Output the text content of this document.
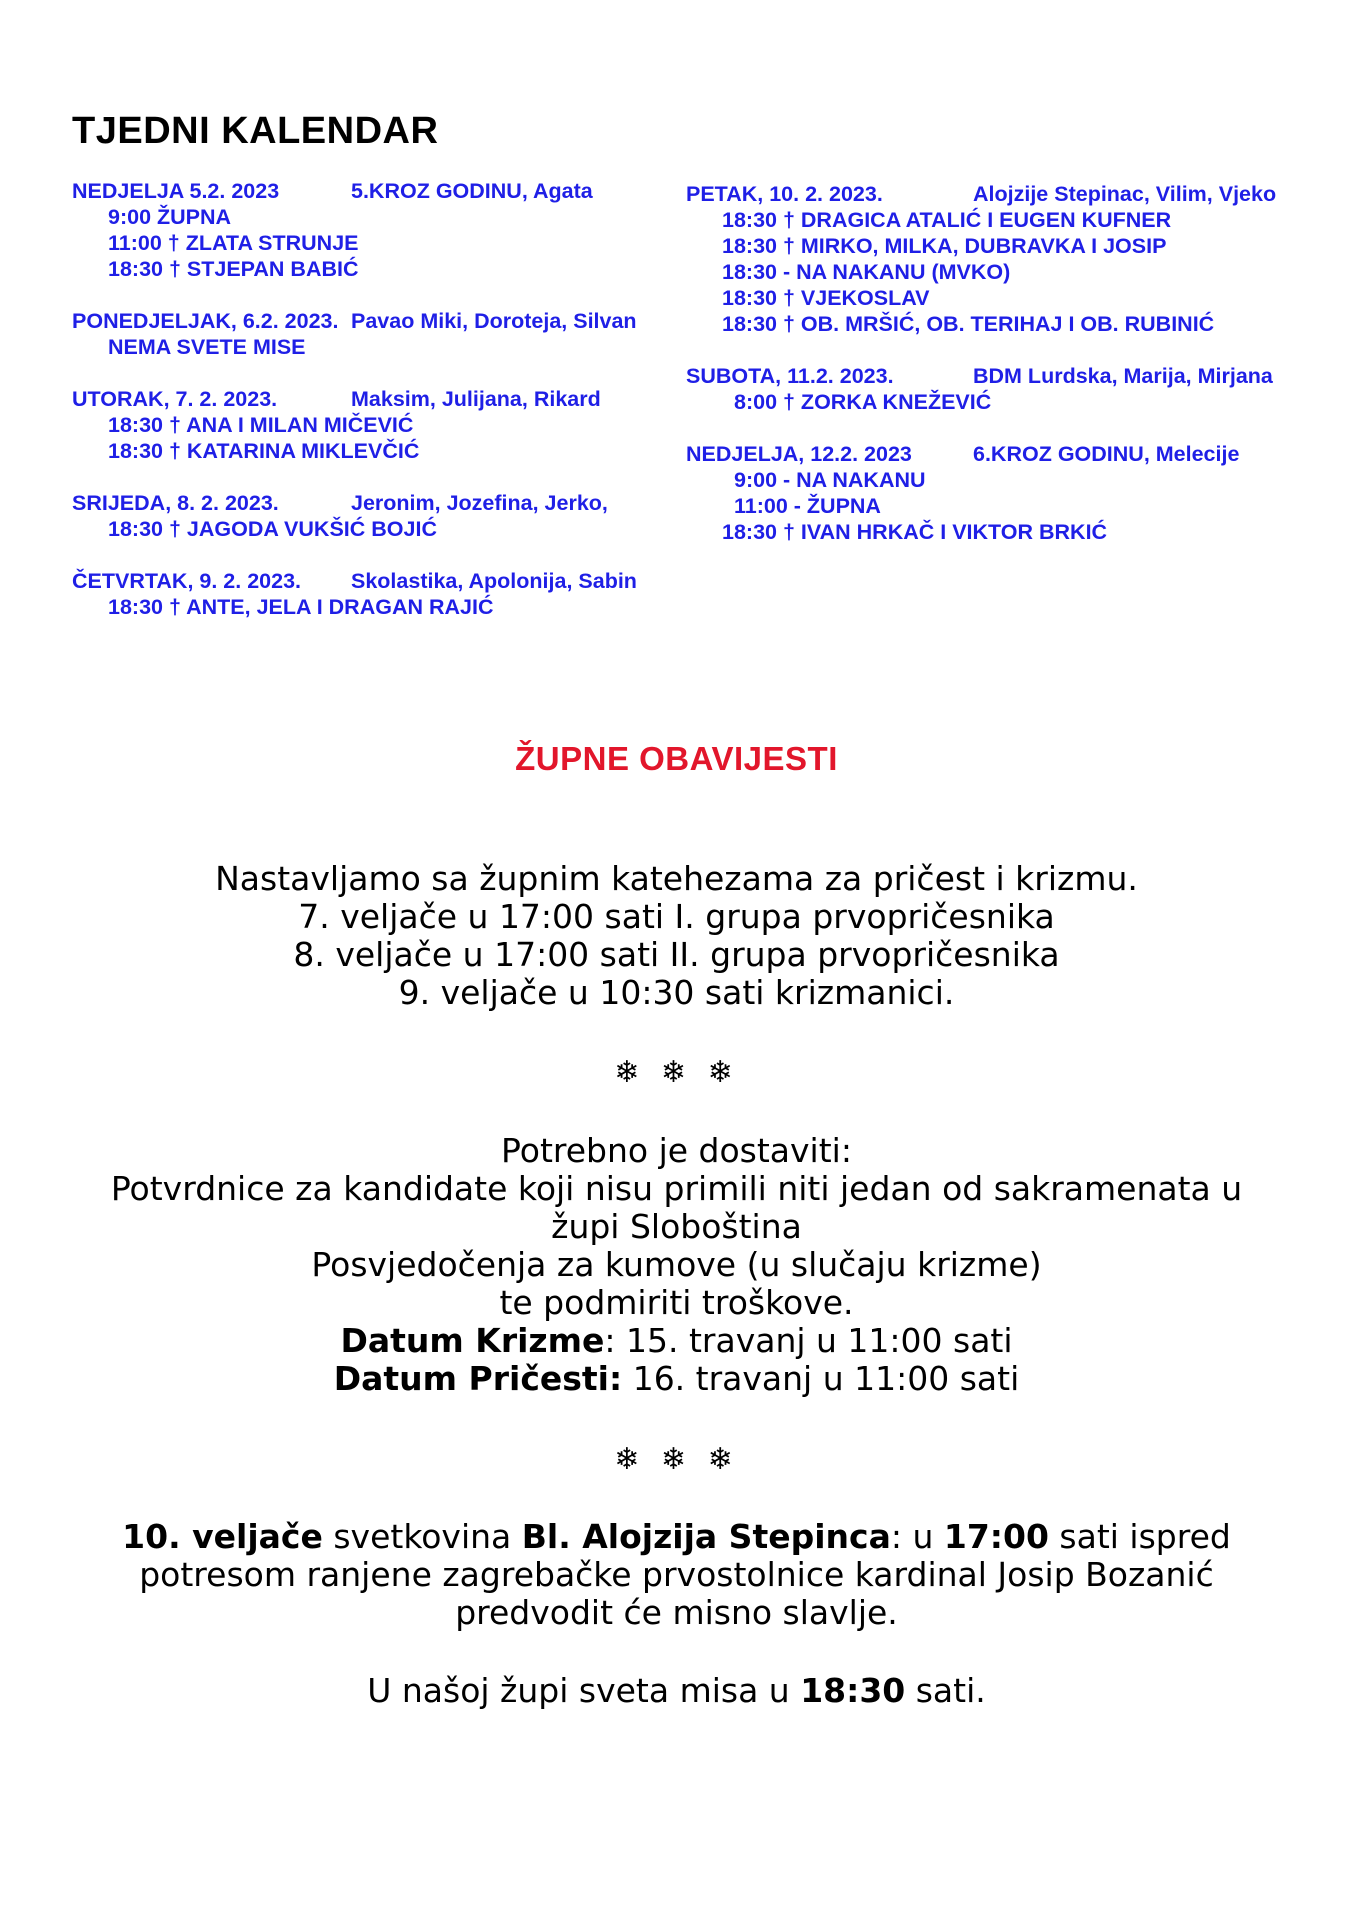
TJEDNI KALENDAR
NEDJELJA 5.2. 2023	5.KROZ GODINU, Agata
9:00 ŽUPNA
11:00 † ZLATA STRUNJE
18:30 † STJEPAN BABIĆ
PONEDJELJAK, 6.2. 2023. Pavao Miki, Doroteja, Silvan
NEMA SVETE MISE
UTORAK, 7. 2. 2023.	Maksim, Julijana, Rikard
18:30 † ANA I MILAN MIČEVIĆ
18:30 † KATARINA MIKLEVČIĆ
SRIJEDA, 8. 2. 2023.	Jeronim, Jozefina, Jerko,
18:30 † JAGODA VUKŠIĆ BOJIĆ
ČETVRTAK, 9. 2. 2023. Skolastika, Apolonija, Sabin
18:30 † ANTE, JELA I DRAGAN RAJIĆ
PETAK, 10. 2. 2023.	Alojzije Stepinac, Vilim, Vjeko
18:30 † DRAGICA ATALIĆ I EUGEN KUFNER
18:30 † MIRKO, MILKA, DUBRAVKA I JOSIP
18:30 - NA NAKANU (MVKO)
18:30 † VJEKOSLAV
18:30 † OB. MRŠIĆ, OB. TERIHAJ I OB. RUBINIĆ
SUBOTA, 11.2. 2023.	BDM Lurdska, Marija, Mirjana
8:00 † ZORKA KNEŽEVIĆ
NEDJELJA, 12.2. 2023	6.KROZ GODINU, Melecije
9:00 - NA NAKANU
11:00 - ŽUPNA
18:30 † IVAN HRKAČ I VIKTOR BRKIĆ
ŽUPNE OBAVIJESTI

Nastavljamo sa župnim katehezama za pričest i krizmu.

7. veljače u 17:00 sati I. grupa prvopričesnika

8. veljače u 17:00 sati II. grupa prvopričesnika

9. veljače u 10:30 sati krizmanici.

❄ ❄ ❄

Potrebno je dostaviti:

Potvrdnice za kandidate koji nisu primili niti jedan od sakramenata u župi Sloboština

Posvjedočenja za kumove (u slučaju krizme)

te podmiriti troškove.

Datum Krizme: 15. travanj u 11:00 sati

Datum Pričesti: 16. travanj u 11:00 sati

❄ ❄ ❄

10. veljače svetkovina Bl. Alojzija Stepinca: u 17:00 sati ispred potresom ranjene zagrebačke prvostolnice kardinal Josip Bozanić predvodit će misno slavlje.

U našoj župi sveta misa u 18:30 sati.
